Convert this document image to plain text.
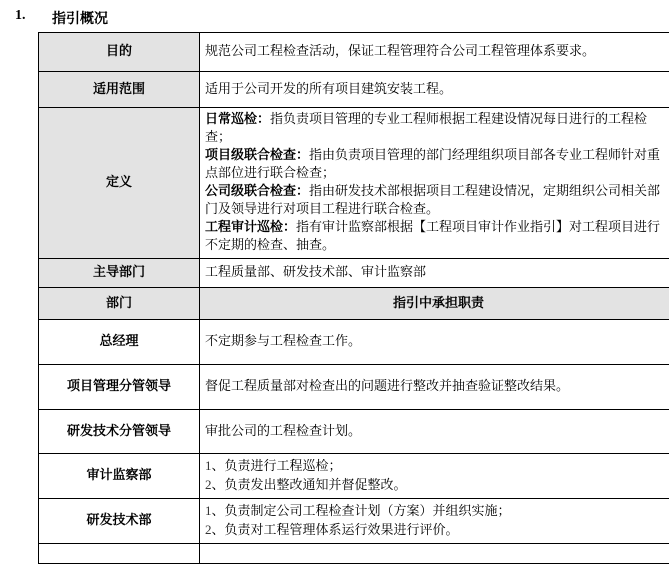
1. 指引概况
目的	规范公司工程检查活动，保证工程管理符合公司工程管理体系要求。
适用范围	适用于公司开发的所有项目建筑安装工程。
定义	日常巡检：指负责项目管理的专业工程师根据工程建设情况每日进行的工程检查；
项目级联合检查：指由负责项目管理的部门经理组织项目部各专业工程师针对重点部位进行联合检查；
公司级联合检查：指由研发技术部根据项目工程建设情况，定期组织公司相关部门及领导进行对项目工程进行联合检查。
工程审计巡检：指有审计监察部根据【工程项目审计作业指引】对工程项目进行不定期的检查、抽查。

主导部门	工程质量部、研发技术部、审计监察部
部门	指引中承担职责
总经理	不定期参与工程检查工作。
项目管理分管领导	督促工程质量部对检查出的问题进行整改并抽查验证整改结果。
研发技术分管领导	审批公司的工程检查计划。
审计监察部	1、负责进行工程巡检；
2、负责发出整改通知并督促整改。

研发技术部	1、负责制定公司工程检查计划（方案）并组织实施；
2、负责对工程管理体系运行效果进行评价。
